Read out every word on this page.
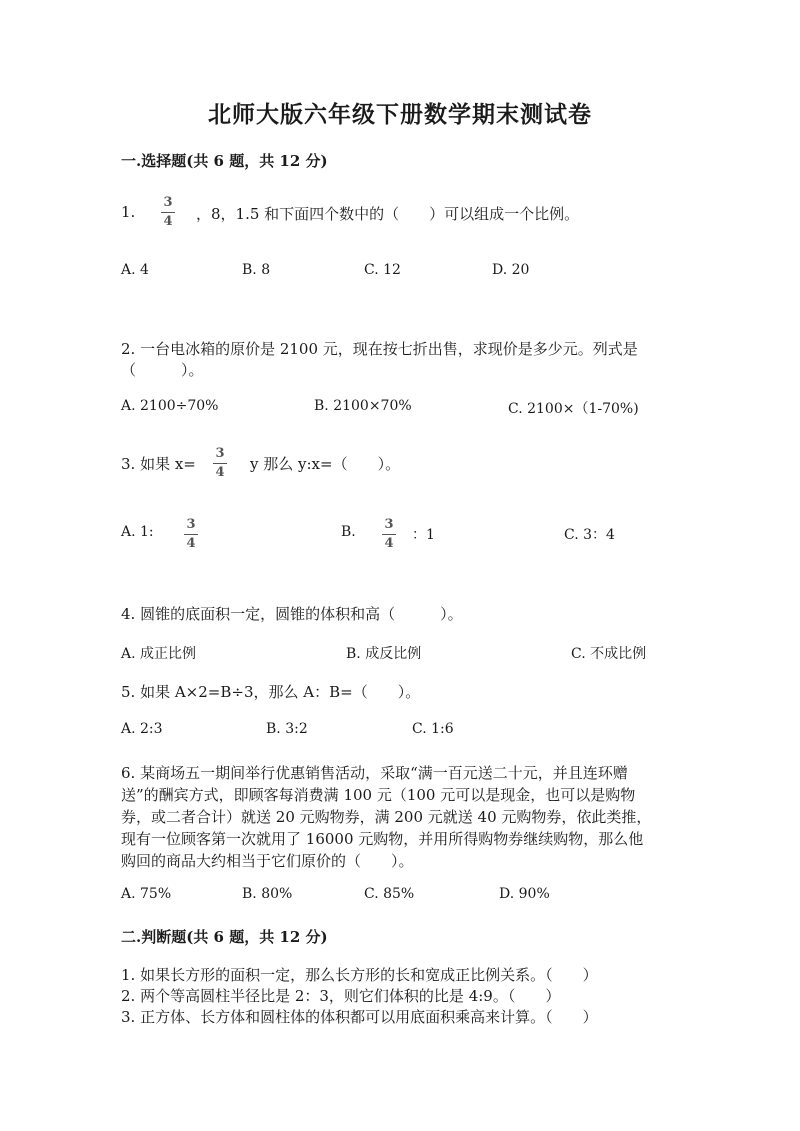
北师大版六年级下册数学期末测试卷
一.选择题(共 6 题，共 12 分)
1.
3
4	，8，1.5 和下面四个数中的（　　）可以组成一个比例。
A. 4	B. 8	C. 12	D. 20
2. 一台电冰箱的原价是 2100 元，现在按七折出售，求现价是多少元。列式是
（　　　）。
A. 2100÷70%	B. 2100×70%	C. 2100×（1-70%)
3. 如果 x=
3
4	y 那么 y:x=（　　）。
A. 1:	3
4
B.	3
4
：1	C. 3：4
4. 圆锥的底面积一定，圆锥的体积和高（　　　）。
A. 成正比例	B. 成反比例	C. 不成比例
5. 如果 A×2=B÷3，那么 A：B=（　　）。
A. 2:3	B. 3:2	C. 1:6
6. 某商场五一期间举行优惠销售活动，采取“满一百元送二十元，并且连环赠
送”的酬宾方式，即顾客每消费满 100 元（100 元可以是现金，也可以是购物
券，或二者合计）就送 20 元购物券，满 200 元就送 40 元购物券，依此类推，
现有一位顾客第一次就用了 16000 元购物，并用所得购物券继续购物，那么他
购回的商品大约相当于它们原价的（　　）。
A. 75%	B. 80%	C. 85%	D. 90%
二.判断题(共 6 题，共 12 分)
1. 如果长方形的面积一定，那么长方形的长和宽成正比例关系。（　　）
2. 两个等高圆柱半径比是 2：3，则它们体积的比是 4:9。（　　）
3. 正方体、长方体和圆柱体的体积都可以用底面积乘高来计算。（　　）
